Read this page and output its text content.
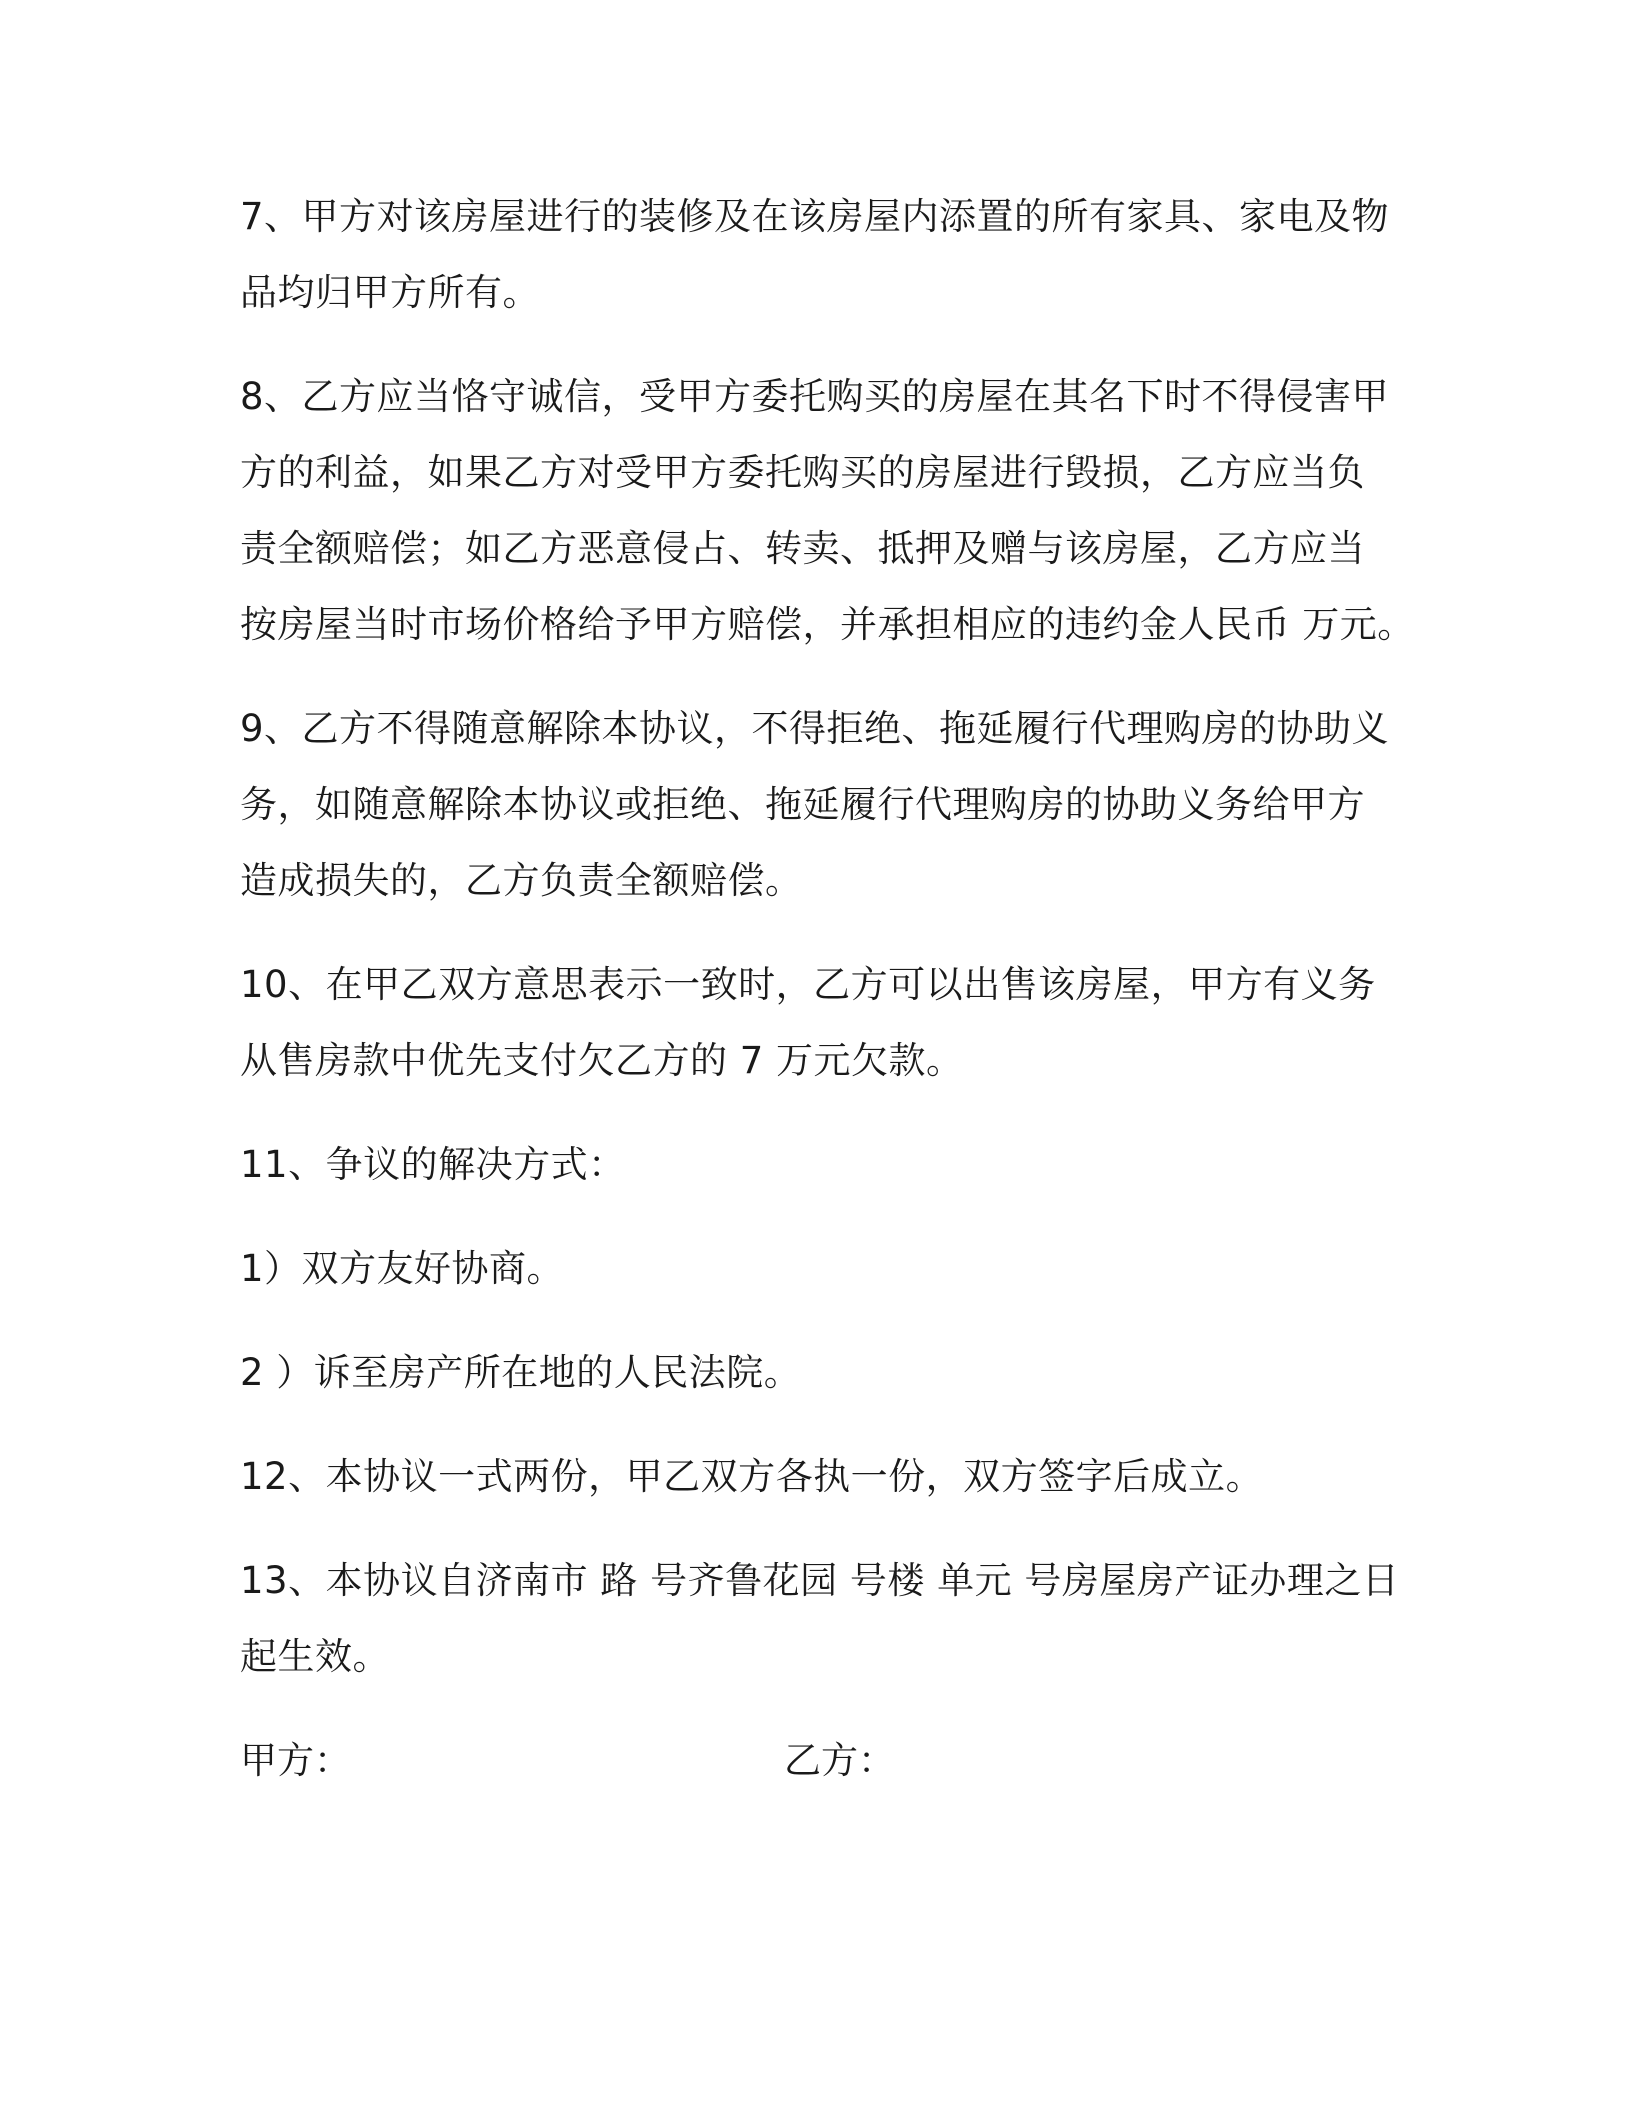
7、甲方对该房屋进行的装修及在该房屋内添置的所有家具、家电及物
品均归甲方所有。
8、乙方应当恪守诚信，受甲方委托购买的房屋在其名下时不得侵害甲
方的利益，如果乙方对受甲方委托购买的房屋进行毁损，乙方应当负
责全额赔偿；如乙方恶意侵占、转卖、抵押及赠与该房屋，乙方应当
按房屋当时市场价格给予甲方赔偿，并承担相应的违约金人民币 万元。
9、乙方不得随意解除本协议，不得拒绝、拖延履行代理购房的协助义
务，如随意解除本协议或拒绝、拖延履行代理购房的协助义务给甲方
造成损失的，乙方负责全额赔偿。
10、在甲乙双方意思表示一致时，乙方可以出售该房屋，甲方有义务
从售房款中优先支付欠乙方的 7 万元欠款。
11、争议的解决方式：
1）双方友好协商。
2 ）诉至房产所在地的人民法院。
12、本协议一式两份，甲乙双方各执一份，双方签字后成立。
13、本协议自济南市 路 号齐鲁花园 号楼 单元 号房屋房产证办理之日
起生效。
甲方：	乙方：
